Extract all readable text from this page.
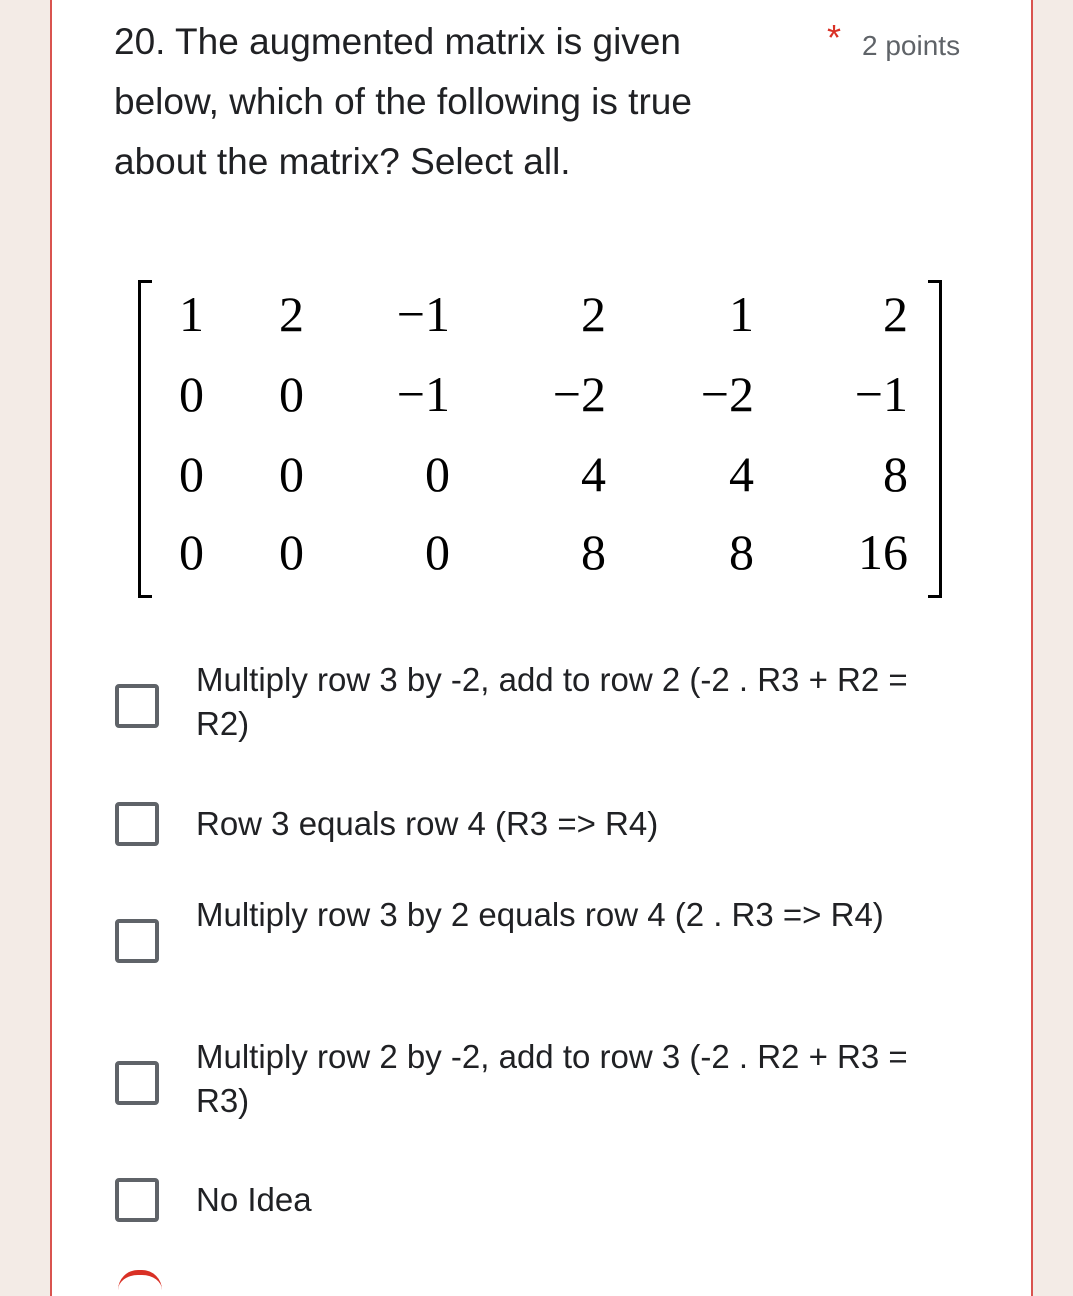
20. The augmented matrix is given below, which of the following is true about the matrix? Select all.
* 2 points
1	2	−1	2	1	2
0	0	−1	−2	−2	−1
0	0	0	4	4	8
0	0	0	8	8	16
Multiply row 3 by -2, add to row 2 (-2 . R3 + R2 = R2)
Row 3 equals row 4 (R3 => R4)
Multiply row 3 by 2 equals row 4 (2 . R3 => R4)
Multiply row 2 by -2, add to row 3 (-2 . R2 + R3 = R3)
No Idea
